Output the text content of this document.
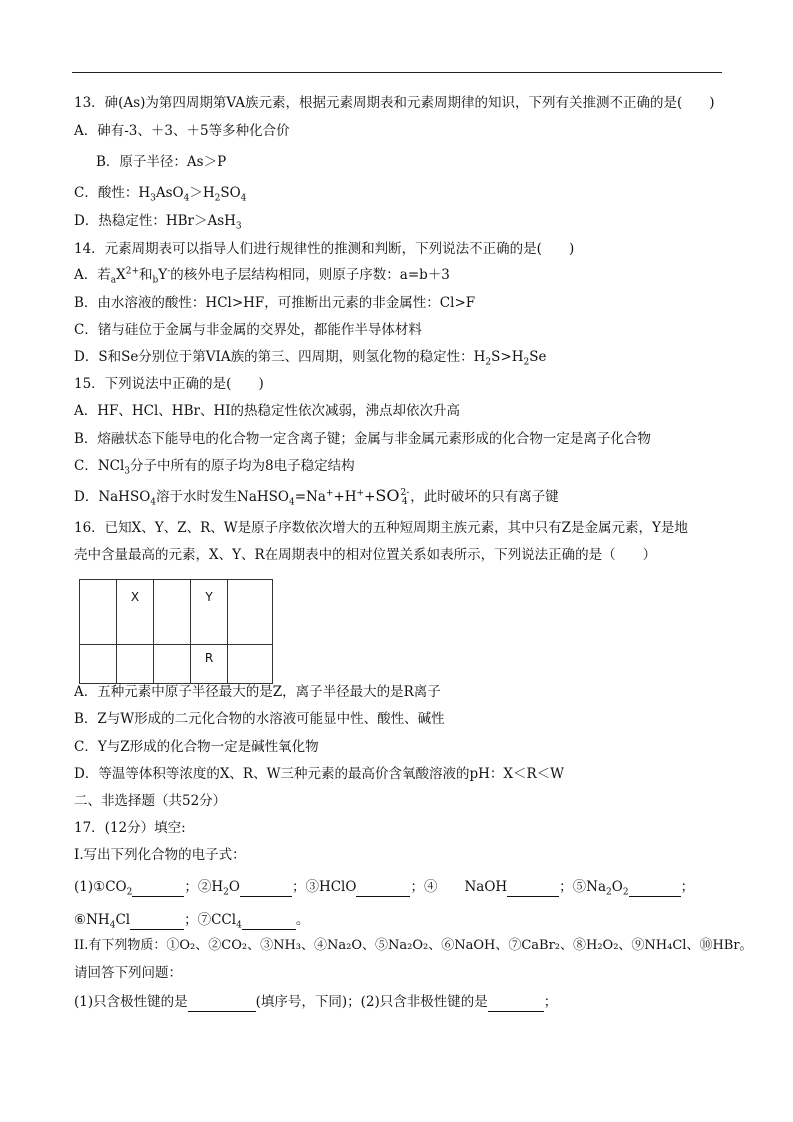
13．砷(As)为第四周期第VA族元素，根据元素周期表和元素周期律的知识，下列有关推测不正确的是(　　)
A．砷有-3、＋3、＋5等多种化合价
B．原子半径：As＞P
C．酸性：$H_3AsO_4>H_2SO_4$
D．热稳定性：HBr＞AsH$_3$
14．元素周期表可以指导人们进行规律性的推测和判断，下列说法不正确的是(　　)
A．若$_aX^{2+}$和$_b$Y-的核外电子层结构相同，则原子序数：a=b＋3
B．由水溶液的酸性：HCl>HF，可推断出元素的非金属性：Cl>F
C．锗与硅位于金属与非金属的交界处，都能作半导体材料
D．S和Se分别位于第VIA族的第三、四周期，则氢化物的稳定性：$H_2S>H_2Se$
15．下列说法中正确的是(　　)
A．HF、HCl、HBr、HI的热稳定性依次减弱，沸点却依次升高
B．熔融状态下能导电的化合物一定含离子键；金属与非金属元素形成的化合物一定是离子化合物
C．NCl$_3$分子中所有的原子均为8电子稳定结构
D．NaHSO$_4$溶于水时发生NaHSO$_4$=Na++H++SO2-
4 ，此时破坏的只有离子键
16．已知X、Y、Z、R、W是原子序数依次增大的五种短周期主族元素，其中只有Z是金属元素，Y是地
壳中含量最高的元素，X、Y、R在周期表中的相对位置关系如表所示，下列说法正确的是（　　）
	X		Y	
			R	
A．五种元素中原子半径最大的是Z，离子半径最大的是R离子
B．Z与W形成的二元化合物的水溶液可能显中性、酸性、碱性
C．Y与Z形成的化合物一定是碱性氧化物
D．等温等体积等浓度的X、R、W三种元素的最高价含氧酸溶液的pH：X＜R＜W
二、非选择题（共52分）
17．(12分）填空:
I.写出下列化合物的电子式：
$(1)①CO_2$	；$②H_2O$	；③HClO	；④　　NaOH	；$⑤Na_2O_2$	；
$⑥NH_4Cl$	；⑦CCl$_4$	。
II.有下列物质：①O₂、②CO₂、③NH₃、④Na₂O、⑤Na₂O₂、⑥NaOH、⑦CaBr₂、⑧H₂O₂、⑨NH₄Cl、⑩HBr。
请回答下列问题：
(1)只含极性键的是	(填序号，下同)；(2)只含非极性键的是	；
